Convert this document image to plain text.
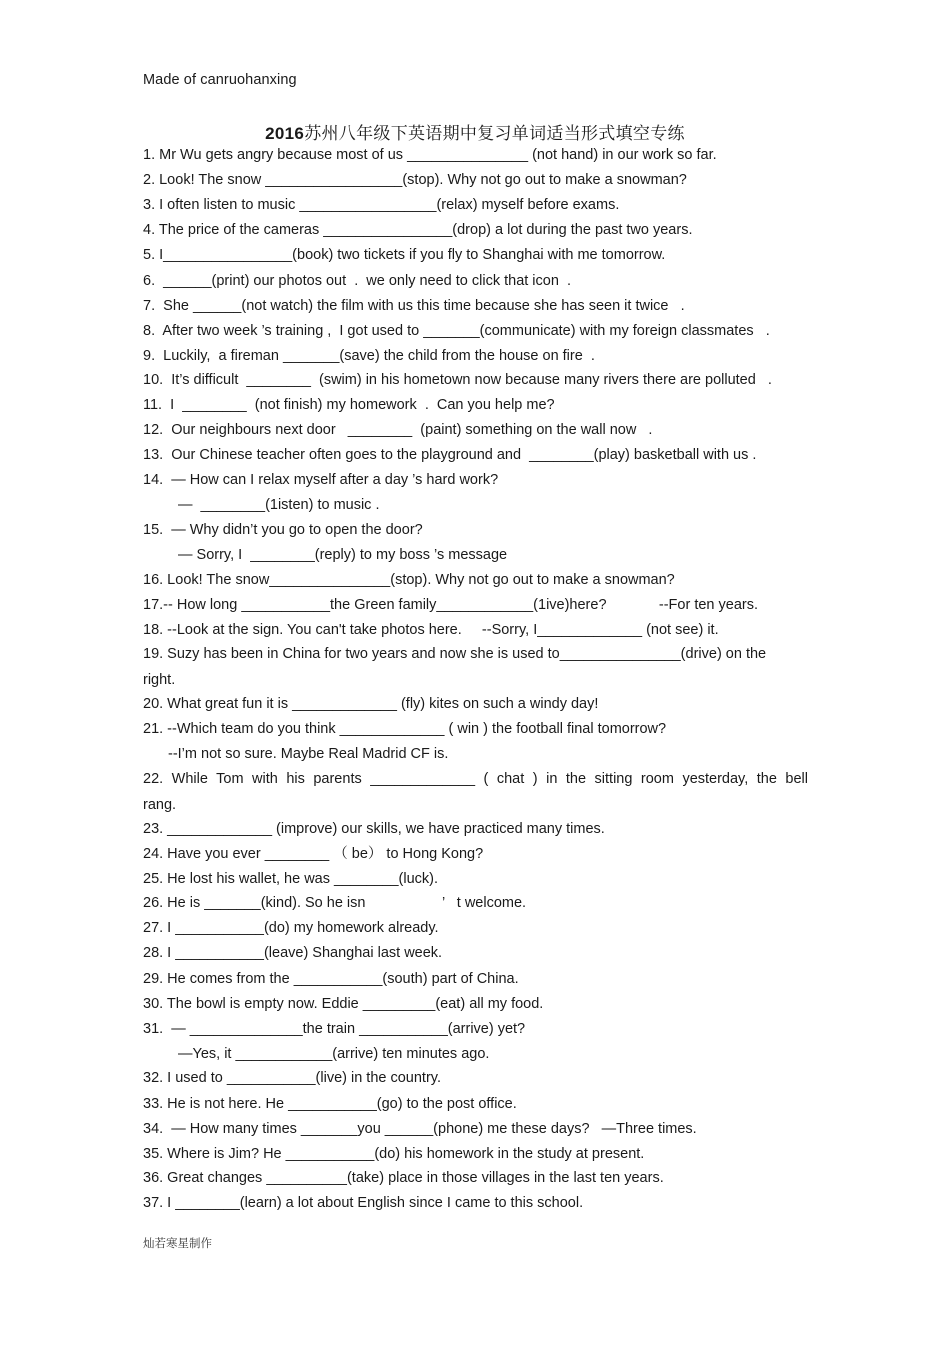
Made of canruohanxing
2016苏州八年级下英语期中复习单词适当形式填空专练
1. Mr Wu gets angry because most of us _______________ (not hand) in our work so far.
2. Look! The snow _________________(stop). Why not go out to make a snowman?
3. I often listen to music _________________(relax) myself before exams.
4. The price of the cameras ________________(drop) a lot during the past two years.
5. I________________(book) two tickets if you fly to Shanghai with me tomorrow.
6.  ______(print) our photos out  .  we only need to click that icon  .
7.  She ______(not watch) the film with us this time because she has seen it twice   .
8.  After two week ’s training ,  I got used to _______(communicate) with my foreign classmates   .
9.  Luckily,  a fireman _______(save) the child from the house on fire  .
10.  It’s difficult  ________  (swim) in his hometown now because many rivers there are polluted   .
11.  I  ________  (not finish) my homework  .  Can you help me?
12.  Our neighbours next door   ________  (paint) something on the wall now   .
13.  Our Chinese teacher often goes to the playground and  ________(play) basketball with us .
14.  — How can I relax myself after a day ’s hard work?
—  ________(1isten) to music .
15.  — Why didn’t you go to open the door?
— Sorry, I  ________(reply) to my boss ’s message
16. Look! The snow_______________(stop). Why not go out to make a snowman?
17.-- How long ___________the Green family____________(1ive)here?             --For ten years.
18. --Look at the sign. You can't take photos here.     --Sorry, I_____________ (not see) it.
19. Suzy has been in China for two years and now she is used to_______________(drive) on the
right.
20. What great fun it is _____________ (fly) kites on such a windy day!
21. --Which team do you think _____________ ( win ) the football final tomorrow?
--I’m not so sure. Maybe Real Madrid CF is.
22. While Tom with his parents _____________ ( chat ) in the sitting room yesterday, the bell
rang.
23. _____________ (improve) our skills, we have practiced many times.
24. Have you ever ________ （ be） to Hong Kong?
25. He lost his wallet, he was ________(luck).
26. He is _______(kind). So he isn                   ’   t welcome.
27. I ___________(do) my homework already.
28. I ___________(leave) Shanghai last week.
29. He comes from the ___________(south) part of China.
30. The bowl is empty now. Eddie _________(eat) all my food.
31.  — ______________the train ___________(arrive) yet?
—Yes, it ____________(arrive) ten minutes ago.
32. I used to ___________(live) in the country.
33. He is not here. He ___________(go) to the post office.
34.  — How many times _______you ______(phone) me these days?   —Three times.
35. Where is Jim? He ___________(do) his homework in the study at present.
36. Great changes __________(take) place in those villages in the last ten years.
37. I ________(learn) a lot about English since I came to this school.
灿若寒星制作
